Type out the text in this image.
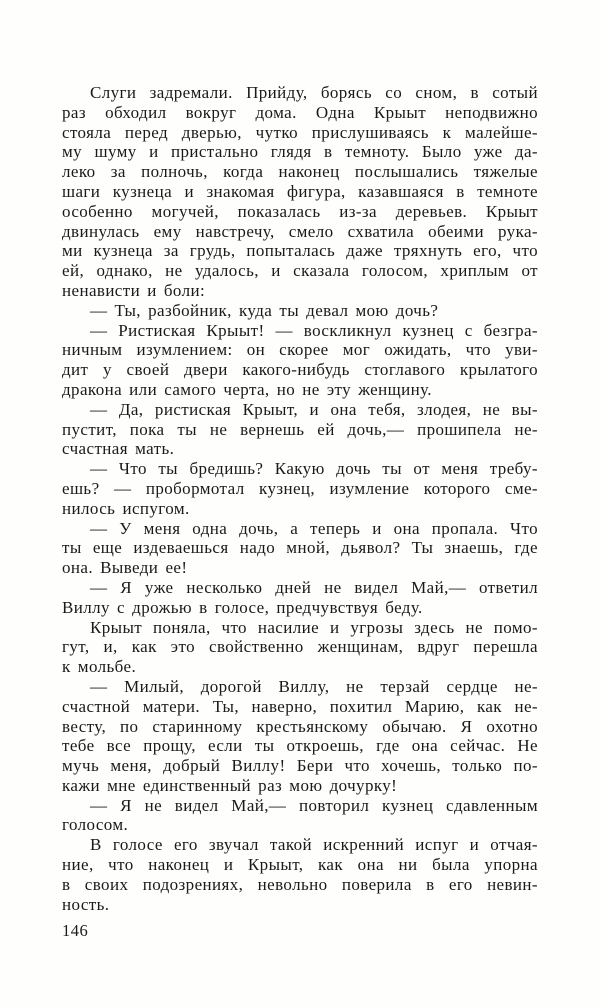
Слуги задремали. Прийду, борясь со сном, в сотый
раз обходил вокруг дома. Одна Крыыт неподвижно
стояла перед дверью, чутко прислушиваясь к малейше-
му шуму и пристально глядя в темноту. Было уже да-
леко за полночь, когда наконец послышались тяжелые
шаги кузнеца и знакомая фигура, казавшаяся в темноте
особенно могучей, показалась из-за деревьев. Крыыт
двинулась ему навстречу, смело схватила обеими рука-
ми кузнеца за грудь, попыталась даже тряхнуть его, что
ей, однако, не удалось, и сказала голосом, хриплым от
ненависти и боли:
— Ты, разбойник, куда ты девал мою дочь?
— Ристиская Крыыт! — воскликнул кузнец с безгра-
ничным изумлением: он скорее мог ожидать, что уви-
дит у своей двери какого-нибудь стоглавого крылатого
дракона или самого черта, но не эту женщину.
— Да, ристиская Крыыт, и она тебя, злодея, не вы-
пустит, пока ты не вернешь ей дочь,— прошипела не-
счастная мать.
— Что ты бредишь? Какую дочь ты от меня требу-
ешь? — пробормотал кузнец, изумление которого сме-
нилось испугом.
— У меня одна дочь, а теперь и она пропала. Что
ты еще издеваешься надо мной, дьявол? Ты знаешь, где
она. Выведи ее!
— Я уже несколько дней не видел Май,— ответил
Виллу с дрожью в голосе, предчувствуя беду.
Крыыт поняла, что насилие и угрозы здесь не помо-
гут, и, как это свойственно женщинам, вдруг перешла
к мольбе.
— Милый, дорогой Виллу, не терзай сердце не-
счастной матери. Ты, наверно, похитил Марию, как не-
весту, по старинному крестьянскому обычаю. Я охотно
тебе все прощу, если ты откроешь, где она сейчас. Не
мучь меня, добрый Виллу! Бери что хочешь, только по-
кажи мне единственный раз мою дочурку!
— Я не видел Май,— повторил кузнец сдавленным
голосом.
В голосе его звучал такой искренний испуг и отчая-
ние, что наконец и Крыыт, как она ни была упорна
в своих подозрениях, невольно поверила в его невин-
ность.
146
